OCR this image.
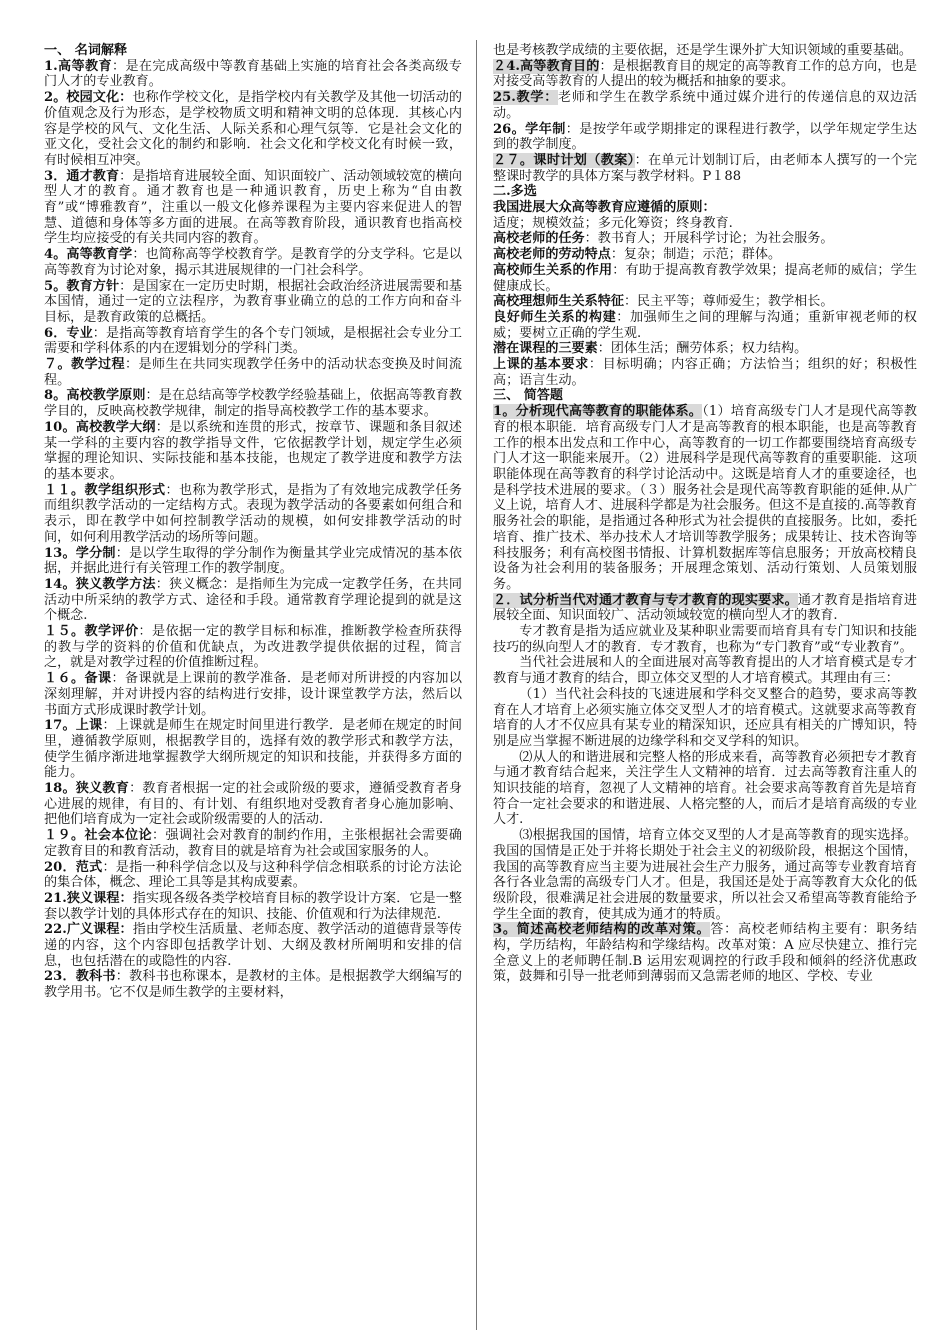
一、 名词解释

1.高等教育：是在完成高级中等教育基础上实施的培育社会各类高级专门人才的专业教育。

2。校园文化：也称作学校文化，是指学校内有关教学及其他一切活动的价值观念及行为形态，是学校物质文明和精神文明的总体现．其核心内容是学校的风气、文化生活、人际关系和心理气氛等．它是社会文化的亚文化，受社会文化的制约和影响．社会文化和学校文化有时候一致，有时候相互冲突。

3．通才教育：是指培育进展较全面、知识面较广、活动领域较宽的横向型人才的教育。通才教育也是一种通识教育，历史上称为“自由教育”或“博雅教育”，注重以一般文化修养课程为主要内容来促进人的智慧、道德和身体等多方面的进展。在高等教育阶段，通识教育也指高校学生均应接受的有关共同内容的教育。

4。高等教育学：也简称高等学校教育学。是教育学的分支学科。它是以高等教育为讨论对象，揭示其进展规律的一门社会科学。

5。教育方针：是国家在一定历史时期，根据社会政治经济进展需要和基本国情，通过一定的立法程序，为教育事业确立的总的工作方向和奋斗目标，是教育政策的总概括。

6．专业：是指高等教育培育学生的各个专门领域，是根据社会专业分工需要和学科体系的内在逻辑划分的学科门类。

７。教学过程：是师生在共同实现教学任务中的活动状态变换及时间流程。

8。高校教学原则：是在总结高等学校教学经验基础上，依据高等教育教学目的，反映高校教学规律，制定的指导高校教学工作的基本要求。

10。高校教学大纲：是以系统和连贯的形式，按章节、课题和条目叙述某一学科的主要内容的教学指导文件，它依据教学计划，规定学生必须掌握的理论知识、实际技能和基本技能，也规定了教学进度和教学方法的基本要求。

１１。教学组织形式：也称为教学形式，是指为了有效地完成教学任务而组织教学活动的一定结构方式。表现为教学活动的各要素如何组合和表示，即在教学中如何控制教学活动的规模，如何安排教学活动的时间，如何利用教学活动的场所等问题。

13。学分制：是以学生取得的学分制作为衡量其学业完成情况的基本依据，并据此进行有关管理工作的教学制度。

14。狭义教学方法：狭义概念：是指师生为完成一定教学任务，在共同活动中所采纳的教学方式、途径和手段。通常教育学理论提到的就是这个概念.

１５。教学评价：是依据一定的教学目标和标准，推断教学检查所获得的教与学的资料的价值和优缺点，为改进教学提供依据的过程，简言之，就是对教学过程的价值推断过程。

１６。备课：备课就是上课前的教学准备．是老师对所讲授的内容加以深刻理解，并对讲授内容的结构进行安排，设计课堂教学方法，然后以书面方式形成课时教学计划。

17。上课：上课就是师生在规定时间里进行教学．是老师在规定的时间里，遵循教学原则，根据教学目的，选择有效的教学形式和教学方法，使学生循序渐进地掌握教学大纲所规定的知识和技能，并获得多方面的能力。

18。狭义教育：教育者根据一定的社会或阶级的要求，遵循受教育者身心进展的规律，有目的、有计划、有组织地对受教育者身心施加影响、把他们培育成为一定社会或阶级需要的人的活动.

１９。社会本位论：强调社会对教育的制约作用，主张根据社会需要确定教育目的和教育活动，教育目的就是培育为社会或国家服务的人。

20．范式：是指一种科学信念以及与这种科学信念相联系的讨论方法论的集合体，概念、理论工具等是其构成要素。

21.狭义课程：指实现各级各类学校培育目标的教学设计方案．它是一整套以教学计划的具体形式存在的知识、技能、价值观和行为法律规范.

22.广义课程：指由学校生活质量、老师态度、教学活动的道德背景等传递的内容，这个内容即包括教学计划、大纲及教材所阐明和安排的信息，也包括潜在的或隐性的内容.

23．教科书：教科书也称课本，是教材的主体。是根据教学大纲编写的教学用书。它不仅是师生教学的主要材料，

也是考核教学成绩的主要依据，还是学生课外扩大知识领域的重要基础。

２4.高等教育目的：是根据教育目的规定的高等教育工作的总方向，也是对接受高等教育的人提出的较为概括和抽象的要求。

25.教学：老师和学生在教学系统中通过媒介进行的传递信息的双边活动。

26。学年制：是按学年或学期排定的课程进行教学，以学年规定学生达到的教学制度。

２７。课时计划（教案）：在单元计划制订后，由老师本人撰写的一个完整课时教学的具体方案与教学材料。P１88

二.多选

我国进展大众高等教育应遵循的原则：

适度；规模效益；多元化筹资；终身教育.

高校老师的任务：教书育人；开展科学讨论；为社会服务。

高校老师的劳动特点：复杂；制造；示范；群体。

高校师生关系的作用：有助于提高教育教学效果；提高老师的威信；学生健康成长。

高校理想师生关系特征：民主平等；尊师爱生；教学相长。

良好师生关系的构建：加强师生之间的理解与沟通；重新审视老师的权威；要树立正确的学生观.

潜在课程的三要素：团体生活；酬劳体系；权力结构。

上课的基本要求：目标明确；内容正确；方法恰当；组织的好；积极性高；语言生动。

三、 简答题

1。分析现代高等教育的职能体系。（1）培育高级专门人才是现代高等教育的根本职能．培育高级专门人才是高等教育的根本职能，也是高等教育工作的根本出发点和工作中心，高等教育的一切工作都要围绕培育高级专门人才这一职能来展开。（2）进展科学是现代高等教育的重要职能．这项职能体现在高等教育的科学讨论活动中。这既是培育人才的重要途径，也是科学技术进展的要求。（３）服务社会是现代高等教育职能的延伸.从广义上说，培育人才、进展科学都是为社会服务。但这不是直接的.高等教育服务社会的职能，是指通过各种形式为社会提供的直接服务。比如，委托培育、推广技术、举办技术人才培训等教学服务；成果转让、技术咨询等科技服务；利有高校图书情报、计算机数据库等信息服务；开放高校精良设备为社会利用的装备服务；开展理念策划、活动行策划、人员策划服务。

２．试分析当代对通才教育与专才教育的现实要求。通才教育是指培育进展较全面、知识面较广、活动领域较宽的横向型人才的教育.

专才教育是指为适应就业及某种职业需要而培育具有专门知识和技能技巧的纵向型人才的教育．专才教育，也称为“专门教育”或“专业教育”。

当代社会进展和人的全面进展对高等教育提出的人才培育模式是专才教育与通才教育的结合，即立体交叉型的人才培育模式。其理由有三：

（1）当代社会科技的飞速进展和学科交叉整合的趋势，要求高等教育在人才培育上必须实施立体交叉型人才的培育模式。这就要求高等教育培育的人才不仅应具有某专业的精深知识，还应具有相关的广博知识，特别是应当掌握不断进展的边缘学科和交叉学科的知识。

⑵从人的和谐进展和完整人格的形成来看，高等教育必须把专才教育与通才教育结合起来，关注学生人文精神的培育．过去高等教育注重人的知识技能的培育，忽视了人文精神的培育。社会要求高等教育首先是培育符合一定社会要求的和谐进展、人格完整的人，而后才是培育高级的专业人才.

⑶根据我国的国情，培育立体交叉型的人才是高等教育的现实选择。我国的国情是正处于并将长期处于社会主义的初级阶段，根据这个国情，我国的高等教育应当主要为进展社会生产力服务，通过高等专业教育培育各行各业急需的高级专门人才。但是，我国还是处于高等教育大众化的低级阶段，很难满足社会进展的数量要求，所以社会又希望高等教育能给予学生全面的教育，使其成为通才的特质。

3。简述高校老师结构的改革对策。答：高校老师结构主要有：职务结构，学历结构，年龄结构和学缘结构。改革对策：A 应尽快建立、推行完全意义上的老师聘任制.B 运用宏观调控的行政手段和倾斜的经济优惠政策，鼓舞和引导一批老师到薄弱而又急需老师的地区、学校、专业
